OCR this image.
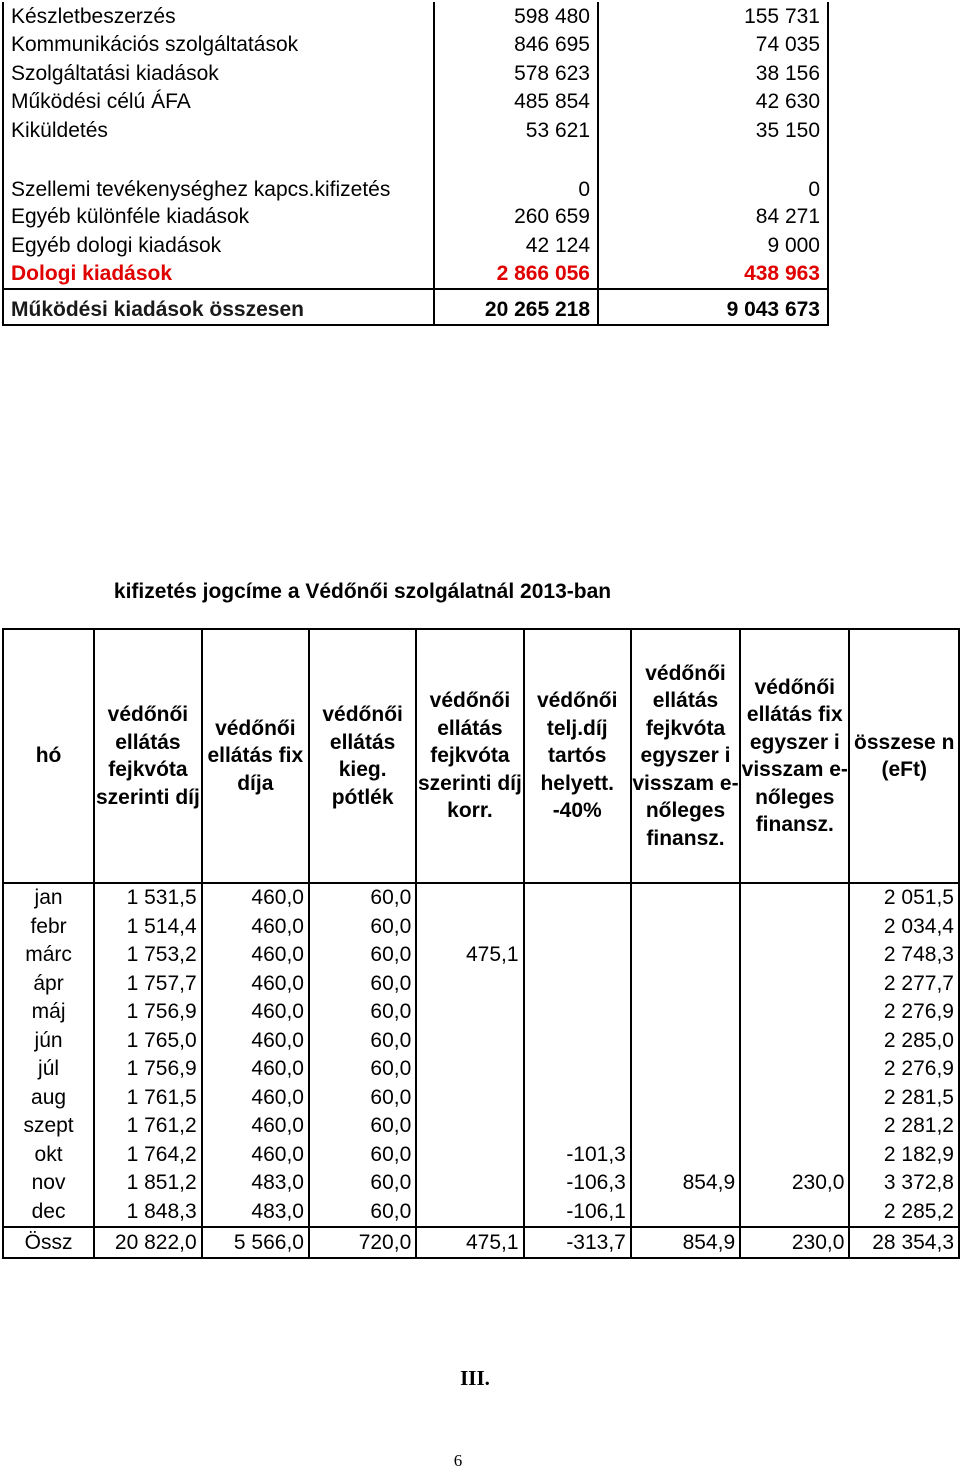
Készletbeszerzés	598 480	155 731
Kommunikációs szolgáltatások	846 695	74 035
Szolgáltatási kiadások	578 623	38 156
Működési célú ÁFA	485 854	42 630
Kiküldetés	53 621	35 150
Szellemi tevékenységhez kapcs.kifizetés	0	0
Egyéb különféle kiadások	260 659	84 271
Egyéb dologi kiadások	42 124	9 000
Dologi kiadások	2 866 056	438 963
Működési kiadások összesen	20 265 218	9 043 673
kifizetés jogcíme a Védőnői szolgálatnál 2013-ban
hó	védőnői ellátás fejkvóta szerinti díj	védőnői ellátás fix díja	védőnői ellátás kieg. pótlék	védőnői ellátás fejkvóta szerinti díj korr.	védőnői telj.díj tartós helyett. -40%	védőnői ellátás fejkvóta egyszer i visszam e-nőleges finansz.	védőnői ellátás fix egyszer i visszam e-nőleges finansz.	összese n (eFt)
jan	1 531,5	460,0	60,0					2 051,5
febr	1 514,4	460,0	60,0					2 034,4
márc	1 753,2	460,0	60,0	475,1				2 748,3
ápr	1 757,7	460,0	60,0					2 277,7
máj	1 756,9	460,0	60,0					2 276,9
jún	1 765,0	460,0	60,0					2 285,0
júl	1 756,9	460,0	60,0					2 276,9
aug	1 761,5	460,0	60,0					2 281,5
szept	1 761,2	460,0	60,0					2 281,2
okt	1 764,2	460,0	60,0		-101,3			2 182,9
nov	1 851,2	483,0	60,0		-106,3	854,9	230,0	3 372,8
dec	1 848,3	483,0	60,0		-106,1			2 285,2
Össz	20 822,0	5 566,0	720,0	475,1	-313,7	854,9	230,0	28 354,3
III.
6
